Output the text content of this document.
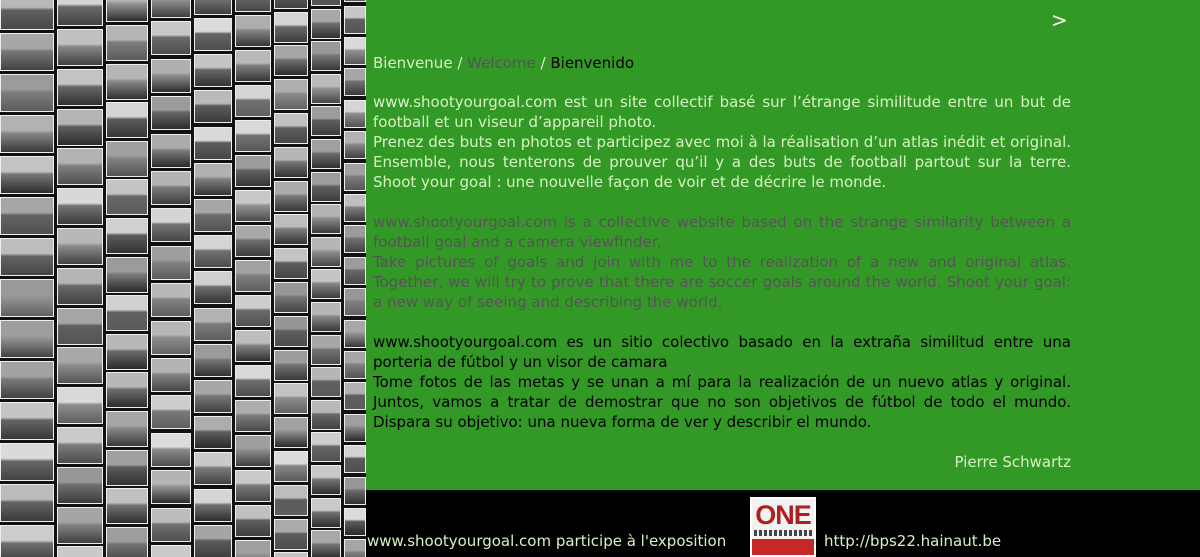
>
Bienvenue / Welcome / Bienvenido

www.shootyourgoal.com est un site collectif basé sur l’étrange similitude entre un but de football et un viseur d’appareil photo.

Prenez des buts en photos et participez avec moi à la réalisation d’un atlas inédit et original. Ensemble, nous tenterons de prouver qu’il y a des buts de football partout sur la terre. Shoot your goal : une nouvelle façon de voir et de décrire le monde.

www.shootyourgoal.com is a collective website based on the strange similarity between a football goal and a camera viewfinder.

Take pictures of goals and join with me to the realization of a new and original atlas. Together, we will try to prove that there are soccer goals around the world. Shoot your goal: a new way of seeing and describing the world.

www.shootyourgoal.com es un sitio colectivo basado en la extraña similitud entre una porteria de fútbol y un visor de camara

Tome fotos de las metas y se unan a mí para la realización de un nuevo atlas y original. Juntos, vamos a tratar de demostrar que no son objetivos de fútbol de todo el mundo. Dispara su objetivo: una nueva forma de ver y describir el mundo.

Pierre Schwartz
www.shootyourgoal.com participe à l'exposition
ONE
http://bps22.hainaut.be
